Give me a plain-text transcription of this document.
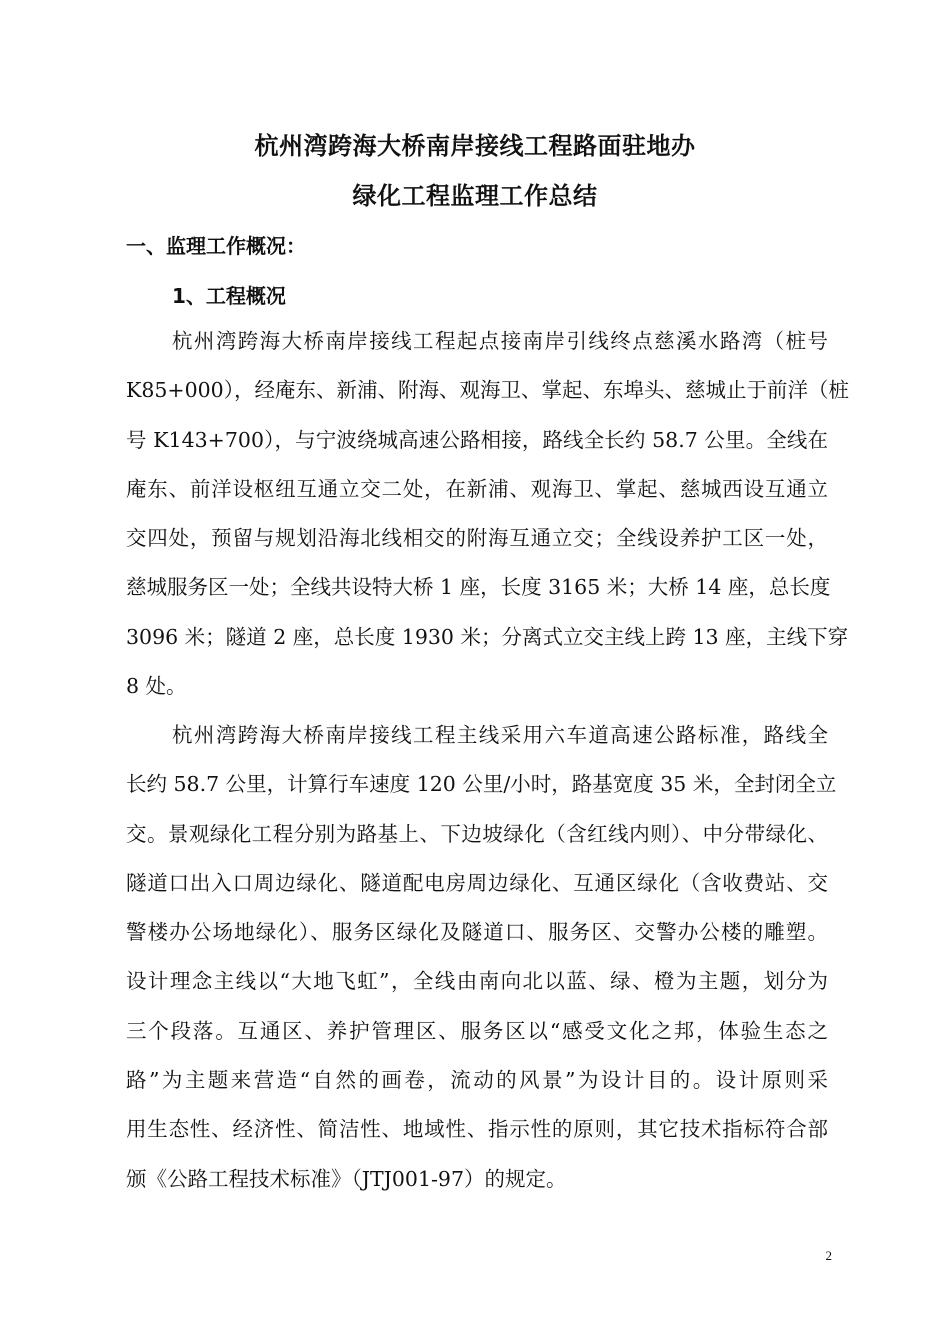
杭州湾跨海大桥南岸接线工程路面驻地办
绿化工程监理工作总结
一、监理工作概况：
1、工程概况
杭州湾跨海大桥南岸接线工程起点接南岸引线终点慈溪水路湾（桩号
K85+000），经庵东、新浦、附海、观海卫、掌起、东埠头、慈城止于前洋（桩
号 K143+700），与宁波绕城高速公路相接，路线全长约 58.7 公里。全线在
庵东、前洋设枢纽互通立交二处，在新浦、观海卫、掌起、慈城西设互通立
交四处，预留与规划沿海北线相交的附海互通立交；全线设养护工区一处，
慈城服务区一处；全线共设特大桥 1 座，长度 3165 米；大桥 14 座，总长度
3096 米；隧道 2 座，总长度 1930 米；分离式立交主线上跨 13 座，主线下穿
8 处。
杭州湾跨海大桥南岸接线工程主线采用六车道高速公路标准，路线全
长约 58.7 公里，计算行车速度 120 公里/小时，路基宽度 35 米，全封闭全立
交。景观绿化工程分别为路基上、下边坡绿化（含红线内则）、中分带绿化、
隧道口出入口周边绿化、隧道配电房周边绿化、互通区绿化（含收费站、交
警楼办公场地绿化）、服务区绿化及隧道口、服务区、交警办公楼的雕塑。
设计理念主线以“大地飞虹”，全线由南向北以蓝、绿、橙为主题，划分为
三个段落。互通区、养护管理区、服务区以“感受文化之邦，体验生态之
路”为主题来营造“自然的画卷，流动的风景”为设计目的。设计原则采
用生态性、经济性、简洁性、地域性、指示性的原则，其它技术指标符合部
颁《公路工程技术标准》（JTJ001-97）的规定。
2
